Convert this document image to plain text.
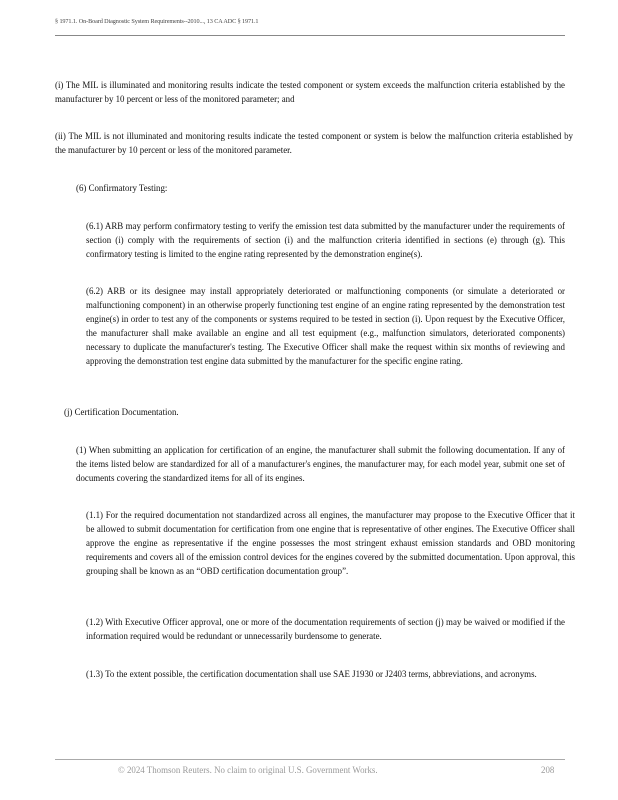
§ 1971.1. On-Board Diagnostic System Requirements--2010..., 13 CA ADC § 1971.1

(i) The MIL is illuminated and monitoring results indicate the tested component or system exceeds the malfunction criteria established by the manufacturer by 10 percent or less of the monitored parameter; and

(ii) The MIL is not illuminated and monitoring results indicate the tested component or system is below the malfunction criteria established by the manufacturer by 10 percent or less of the monitored parameter.

(6) Confirmatory Testing:

(6.1) ARB may perform confirmatory testing to verify the emission test data submitted by the manufacturer under the requirements of section (i) comply with the requirements of section (i) and the malfunction criteria identified in sections (e) through (g). This confirmatory testing is limited to the engine rating represented by the demonstration engine(s).

(6.2) ARB or its designee may install appropriately deteriorated or malfunctioning components (or simulate a deteriorated or malfunctioning component) in an otherwise properly functioning test engine of an engine rating represented by the demonstration test engine(s) in order to test any of the components or systems required to be tested in section (i). Upon request by the Executive Officer, the manufacturer shall make available an engine and all test equipment (e.g., malfunction simulators, deteriorated components) necessary to duplicate the manufacturer's testing. The Executive Officer shall make the request within six months of reviewing and approving the demonstration test engine data submitted by the manufacturer for the specific engine rating.

(j) Certification Documentation.

(1) When submitting an application for certification of an engine, the manufacturer shall submit the following documentation. If any of the items listed below are standardized for all of a manufacturer's engines, the manufacturer may, for each model year, submit one set of documents covering the standardized items for all of its engines.

(1.1) For the required documentation not standardized across all engines, the manufacturer may propose to the Executive Officer that it be allowed to submit documentation for certification from one engine that is representative of other engines. The Executive Officer shall approve the engine as representative if the engine possesses the most stringent exhaust emission standards and OBD monitoring requirements and covers all of the emission control devices for the engines covered by the submitted documentation. Upon approval, this grouping shall be known as an “OBD certification documentation group”.

(1.2) With Executive Officer approval, one or more of the documentation requirements of section (j) may be waived or modified if the information required would be redundant or unnecessarily burdensome to generate.

(1.3) To the extent possible, the certification documentation shall use SAE J1930 or J2403 terms, abbreviations, and acronyms.

© 2024 Thomson Reuters. No claim to original U.S. Government Works.	208
